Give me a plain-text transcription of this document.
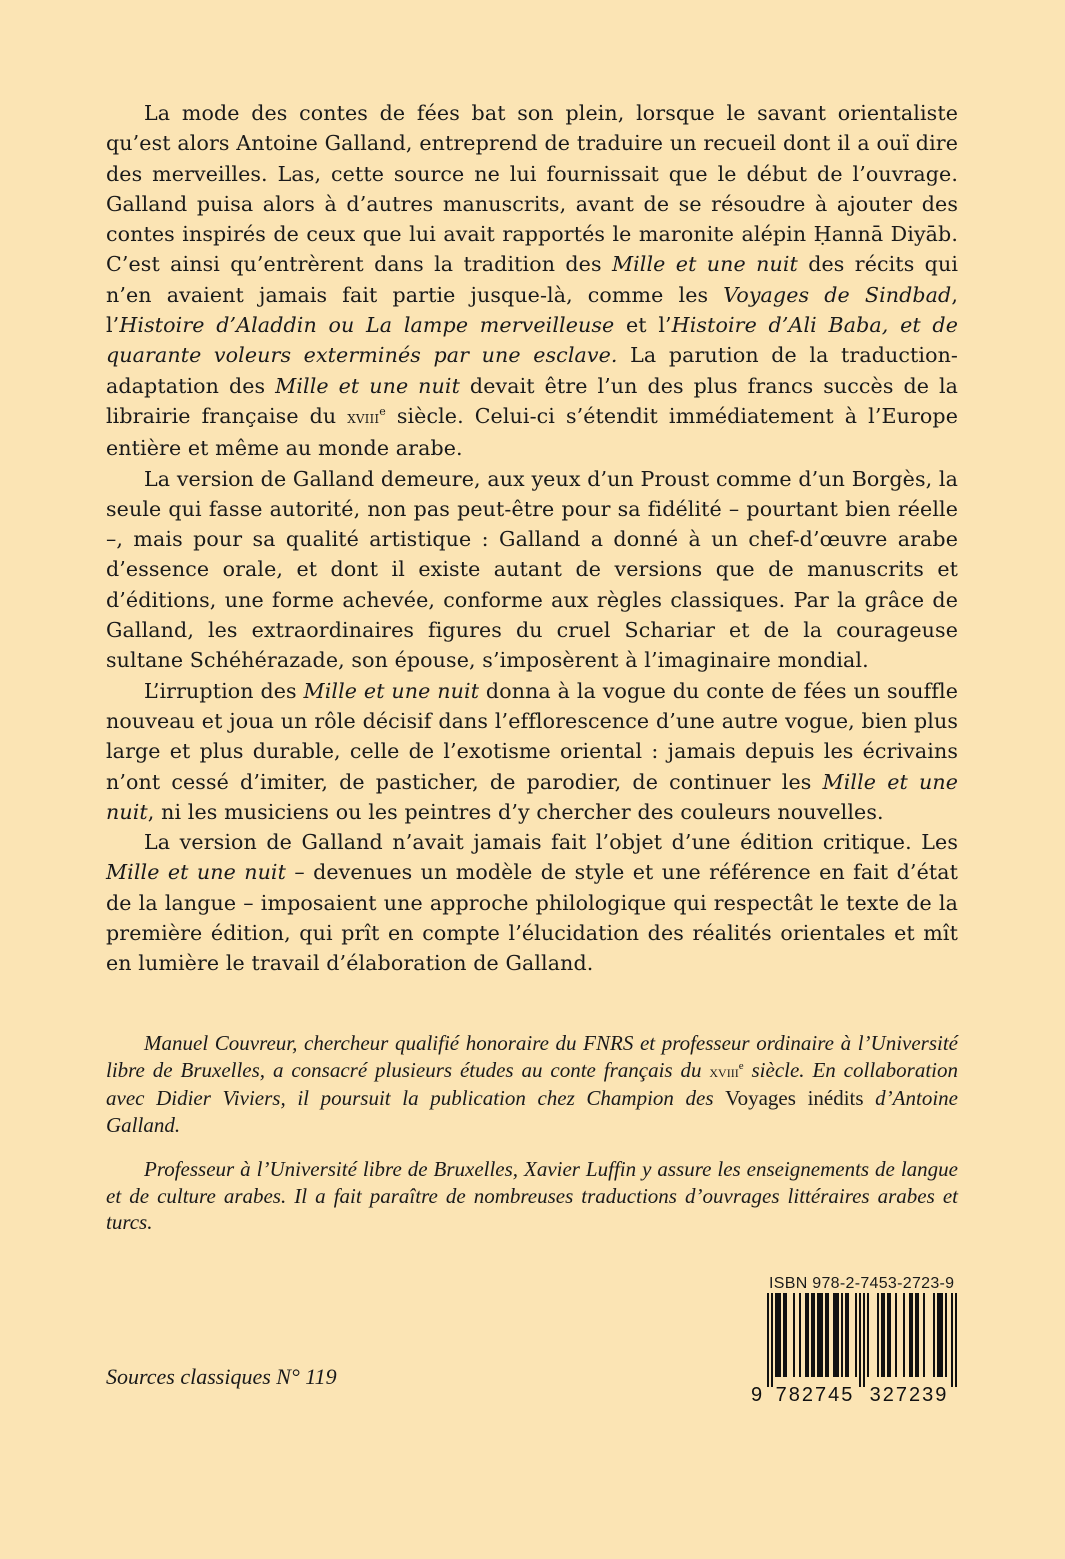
La mode des contes de fées bat son plein, lorsque le savant orientaliste qu’est alors Antoine Galland, entreprend de traduire un recueil dont il a ouï dire des merveilles. Las, cette source ne lui fournissait que le début de l’ouvrage. Galland puisa alors à d’autres manuscrits, avant de se résoudre à ajouter des contes inspirés de ceux que lui avait rapportés le maronite alépin Ḥannā Diyāb. C’est ainsi qu’entrèrent dans la tradition des Mille et une nuit des récits qui n’en avaient jamais fait partie jusque-là, comme les Voyages de Sindbad, l’Histoire d’Aladdin ou La lampe merveilleuse et l’Histoire d’Ali Baba, et de quarante voleurs exterminés par une esclave. La parution de la traduction-adaptation des Mille et une nuit devait être l’un des plus francs succès de la librairie française du xviii$^e$ siècle. Celui-ci s’étendit immédiatement à l’Europe entière et même au monde arabe.

La version de Galland demeure, aux yeux d’un Proust comme d’un Borgès, la seule qui fasse autorité, non pas peut-être pour sa fidélité – pourtant bien réelle –, mais pour sa qualité artistique : Galland a donné à un chef-d’œuvre arabe d’essence orale, et dont il existe autant de versions que de manuscrits et d’éditions, une forme achevée, conforme aux règles classiques. Par la grâce de Galland, les extraordinaires figures du cruel Schariar et de la courageuse sultane Schéhérazade, son épouse, s’imposèrent à l’imaginaire mondial.

L’irruption des Mille et une nuit donna à la vogue du conte de fées un souffle nouveau et joua un rôle décisif dans l’efflorescence d’une autre vogue, bien plus large et plus durable, celle de l’exotisme oriental : jamais depuis les écrivains n’ont cessé d’imiter, de pasticher, de parodier, de continuer les Mille et une nuit, ni les musiciens ou les peintres d’y chercher des couleurs nouvelles.

La version de Galland n’avait jamais fait l’objet d’une édition critique. Les Mille et une nuit – devenues un modèle de style et une référence en fait d’état de la langue – imposaient une approche philologique qui respectât le texte de la première édition, qui prît en compte l’élucidation des réalités orientales et mît en lumière le travail d’élaboration de Galland.

Manuel Couvreur, chercheur qualifié honoraire du FNRS et professeur ordinaire à l’Université libre de Bruxelles, a consacré plusieurs études au conte français du xviii$^e$ siècle. En collaboration avec Didier Viviers, il poursuit la publication chez Champion des Voyages inédits d’Antoine Galland.

Professeur à l’Université libre de Bruxelles, Xavier Luffin y assure les enseignements de langue et de culture arabes. Il a fait paraître de nombreuses traductions d’ouvrages littéraires arabes et turcs.

Sources classiques N° 119
ISBN 978-2-7453-2723-9
9 782745 327239
